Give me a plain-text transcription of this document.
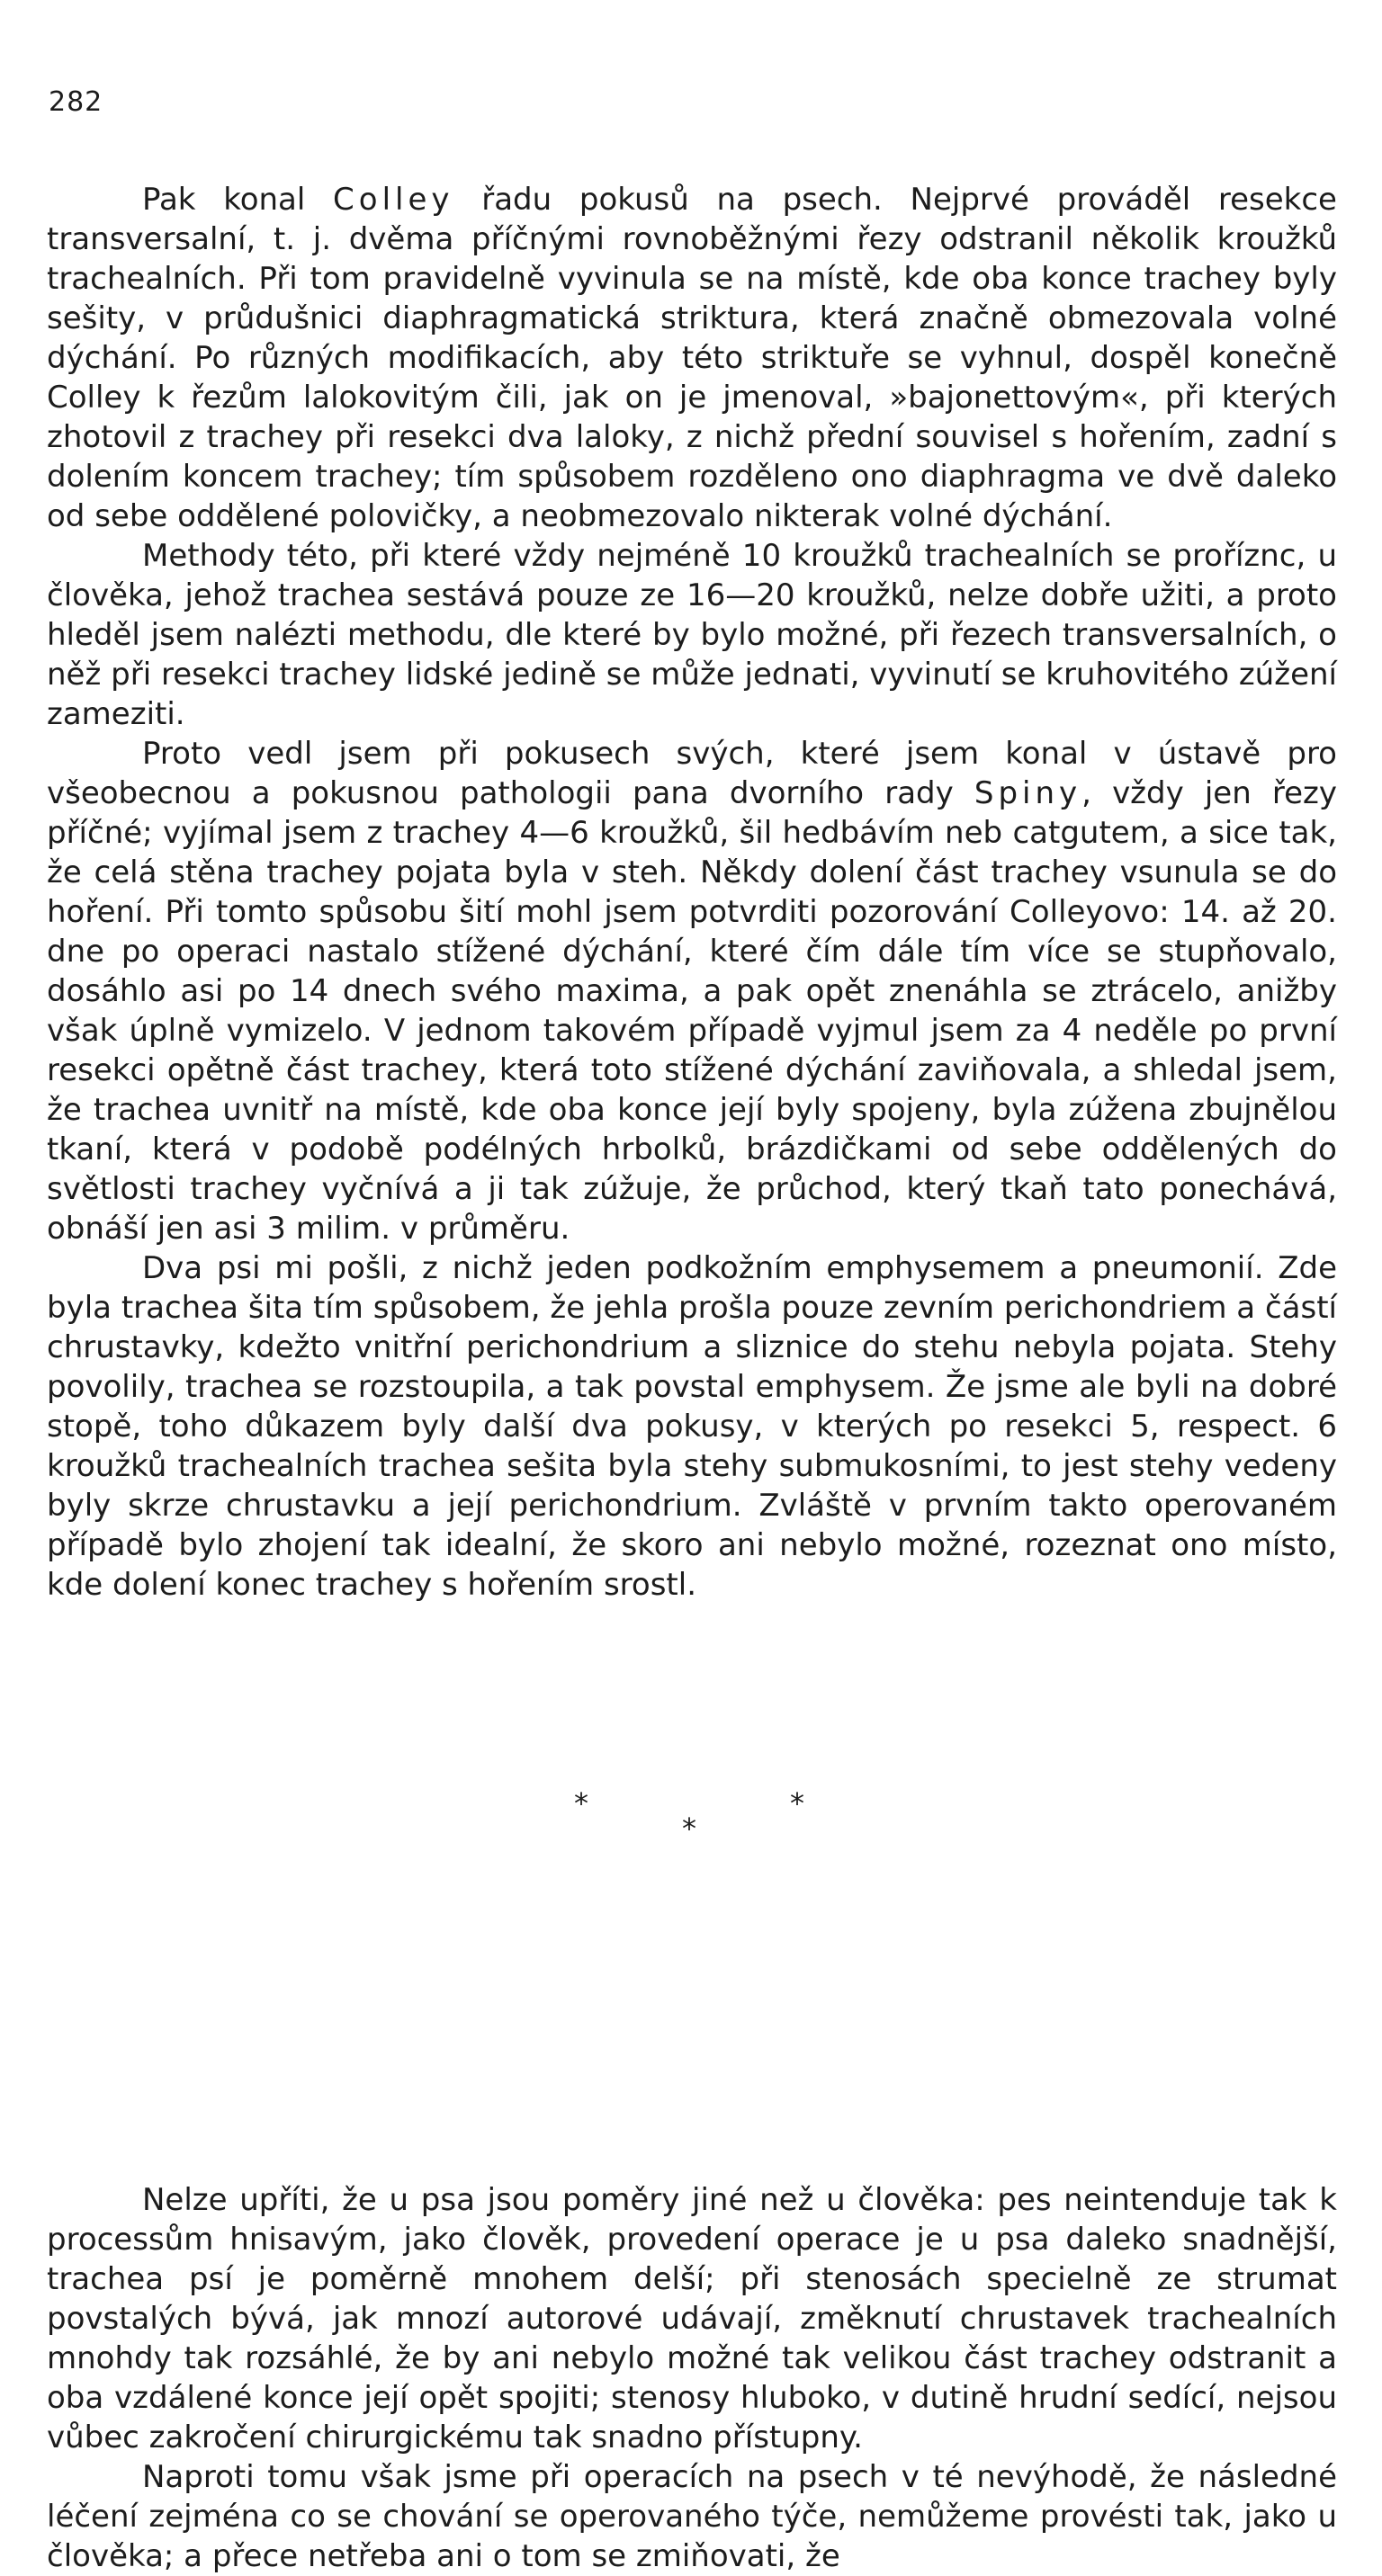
282

Pak konal Colley řadu pokusů na psech. Nejprvé prováděl resekce transversalní, t. j. dvěma příčnými rovnoběžnými řezy odstranil několik kroužků trachealních. Při tom pravidelně vyvinula se na místě, kde oba konce trachey byly sešity, v průdušnici diaphragmatická striktura, která značně obmezovala volné dýchání. Po různých modifikacích, aby této striktuře se vyhnul, dospěl konečně Colley k řezům lalokovitým čili, jak on je jmenoval, »bajonettovým«, při kterých zhotovil z trachey při resekci dva laloky, z nichž přední souvisel s hořením, zadní s dolením koncem trachey; tím spůsobem rozděleno ono diaphragma ve dvě daleko od sebe oddělené polovičky, a neobmezovalo nikterak volné dýchání.

Methody této, při které vždy nejméně 10 kroužků trachealních se proříznc, u člověka, jehož trachea sestává pouze ze 16—20 kroužků, nelze dobře užiti, a proto hleděl jsem nalézti methodu, dle které by bylo možné, při řezech transversalních, o něž při resekci trachey lidské jedině se může jednati, vyvinutí se kruhovitého zúžení zameziti.

Proto vedl jsem při pokusech svých, které jsem konal v ústavě pro všeobecnou a pokusnou pathologii pana dvorního rady Spiny, vždy jen řezy příčné; vyjímal jsem z trachey 4—6 kroužků, šil hedbávím neb catgutem, a sice tak, že celá stěna trachey pojata byla v steh. Někdy dolení část trachey vsunula se do hoření. Při tomto spůsobu šití mohl jsem potvrditi pozorování Colleyovo: 14. až 20. dne po operaci nastalo stížené dýchání, které čím dále tím více se stupňovalo, dosáhlo asi po 14 dnech svého maxima, a pak opět znenáhla se ztrácelo, anižby však úplně vymizelo. V jednom takovém případě vyjmul jsem za 4 neděle po první resekci opětně část trachey, která toto stížené dýchání zaviňovala, a shledal jsem, že trachea uvnitř na místě, kde oba konce její byly spojeny, byla zúžena zbujnělou tkaní, která v podobě podélných hrbolků, brázdičkami od sebe oddělených do světlosti trachey vyčnívá a ji tak zúžuje, že průchod, který tkaň tato ponechává, obnáší jen asi 3 milim. v průměru.

Dva psi mi pošli, z nichž jeden podkožním emphysemem a pneumonií. Zde byla trachea šita tím spůsobem, že jehla prošla pouze zevním perichondriem a částí chrustavky, kdežto vnitřní perichondrium a sliznice do stehu nebyla pojata. Stehy povolily, trachea se rozstoupila, a tak povstal emphysem. Že jsme ale byli na dobré stopě, toho důkazem byly další dva pokusy, v kterých po resekci 5, respect. 6 kroužků trachealních trachea sešita byla stehy submukosními, to jest stehy vedeny byly skrze chrustavku a její perichondrium. Zvláště v prvním takto operovaném případě bylo zhojení tak idealní, že skoro ani nebylo možné, rozeznat ono místo, kde dolení konec trachey s hořením srostl.

*	*
*

Nelze upříti, že u psa jsou poměry jiné než u člověka: pes neintenduje tak k processům hnisavým, jako člověk, provedení operace je u psa daleko snadnější, trachea psí je poměrně mnohem delší; při stenosách specielně ze strumat povstalých bývá, jak mnozí autorové udávají, změknutí chrustavek trachealních mnohdy tak rozsáhlé, že by ani nebylo možné tak velikou část trachey odstranit a oba vzdálené konce její opět spojiti; stenosy hluboko, v dutině hrudní sedící, nejsou vůbec zakročení chirurgickému tak snadno přístupny.

Naproti tomu však jsme při operacích na psech v té nevýhodě, že následné léčení zejména co se chování se operovaného týče, nemůžeme provésti tak, jako u člověka; a přece netřeba ani o tom se zmiňovati, že
